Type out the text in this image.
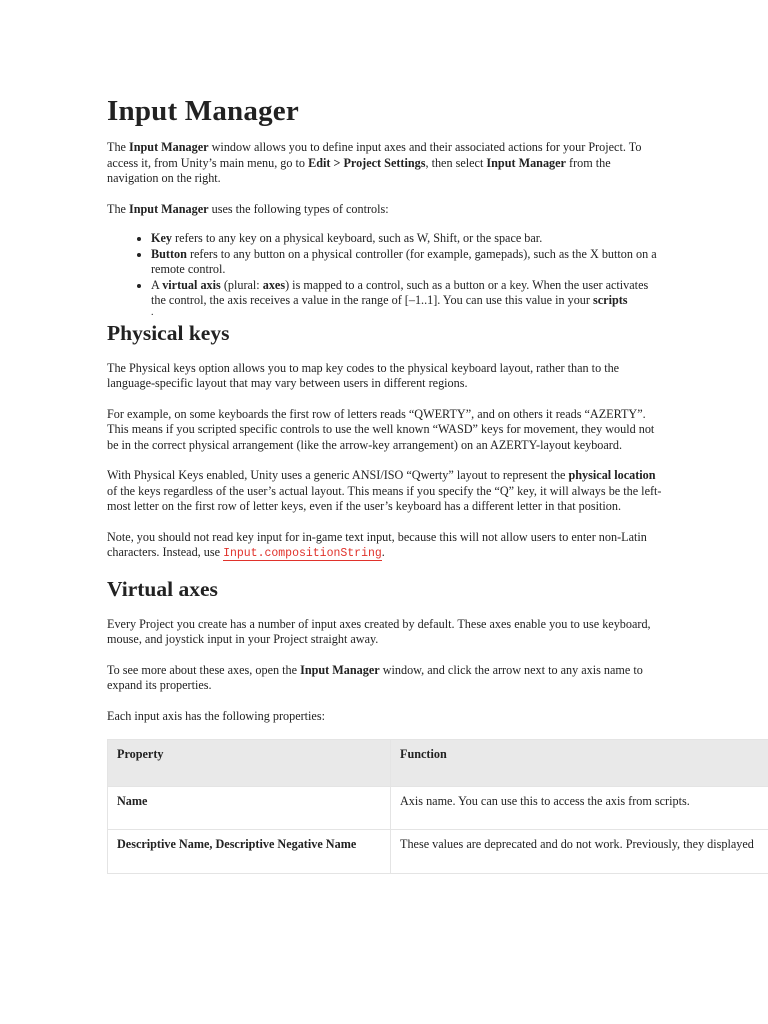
Input Manager

The Input Manager window allows you to define input axes and their associated actions for your Project. To access it, from Unity’s main menu, go to Edit > Project Settings, then select Input Manager from the navigation on the right.

The Input Manager uses the following types of controls:

• Key refers to any key on a physical keyboard, such as W, Shift, or the space bar.
• Button refers to any button on a physical controller (for example, gamepads), such as the X button on a remote control.
• A virtual axis (plural: axes) is mapped to a control, such as a button or a key. When the user activates the control, the axis receives a value in the range of [–1..1]. You can use this value in your scripts
.
Physical keys

The Physical keys option allows you to map key codes to the physical keyboard layout, rather than to the language-specific layout that may vary between users in different regions.

For example, on some keyboards the first row of letters reads “QWERTY”, and on others it reads “AZERTY”. This means if you scripted specific controls to use the well known “WASD” keys for movement, they would not be in the correct physical arrangement (like the arrow-key arrangement) on an AZERTY-layout keyboard.

With Physical Keys enabled, Unity uses a generic ANSI/ISO “Qwerty” layout to represent the physical location of the keys regardless of the user’s actual layout. This means if you specify the “Q” key, it will always be the left-most letter on the first row of letter keys, even if the user’s keyboard has a different letter in that position.

Note, you should not read key input for in-game text input, because this will not allow users to enter non-Latin characters. Instead, use Input.compositionString.

Virtual axes

Every Project you create has a number of input axes created by default. These axes enable you to use keyboard, mouse, and joystick input in your Project straight away.

To see more about these axes, open the Input Manager window, and click the arrow next to any axis name to expand its properties.

Each input axis has the following properties:

Property	Function
Name	Axis name. You can use this to access the axis from scripts.
Descriptive Name, Descriptive Negative Name	These values are deprecated and do not work. Previously, they displayed
